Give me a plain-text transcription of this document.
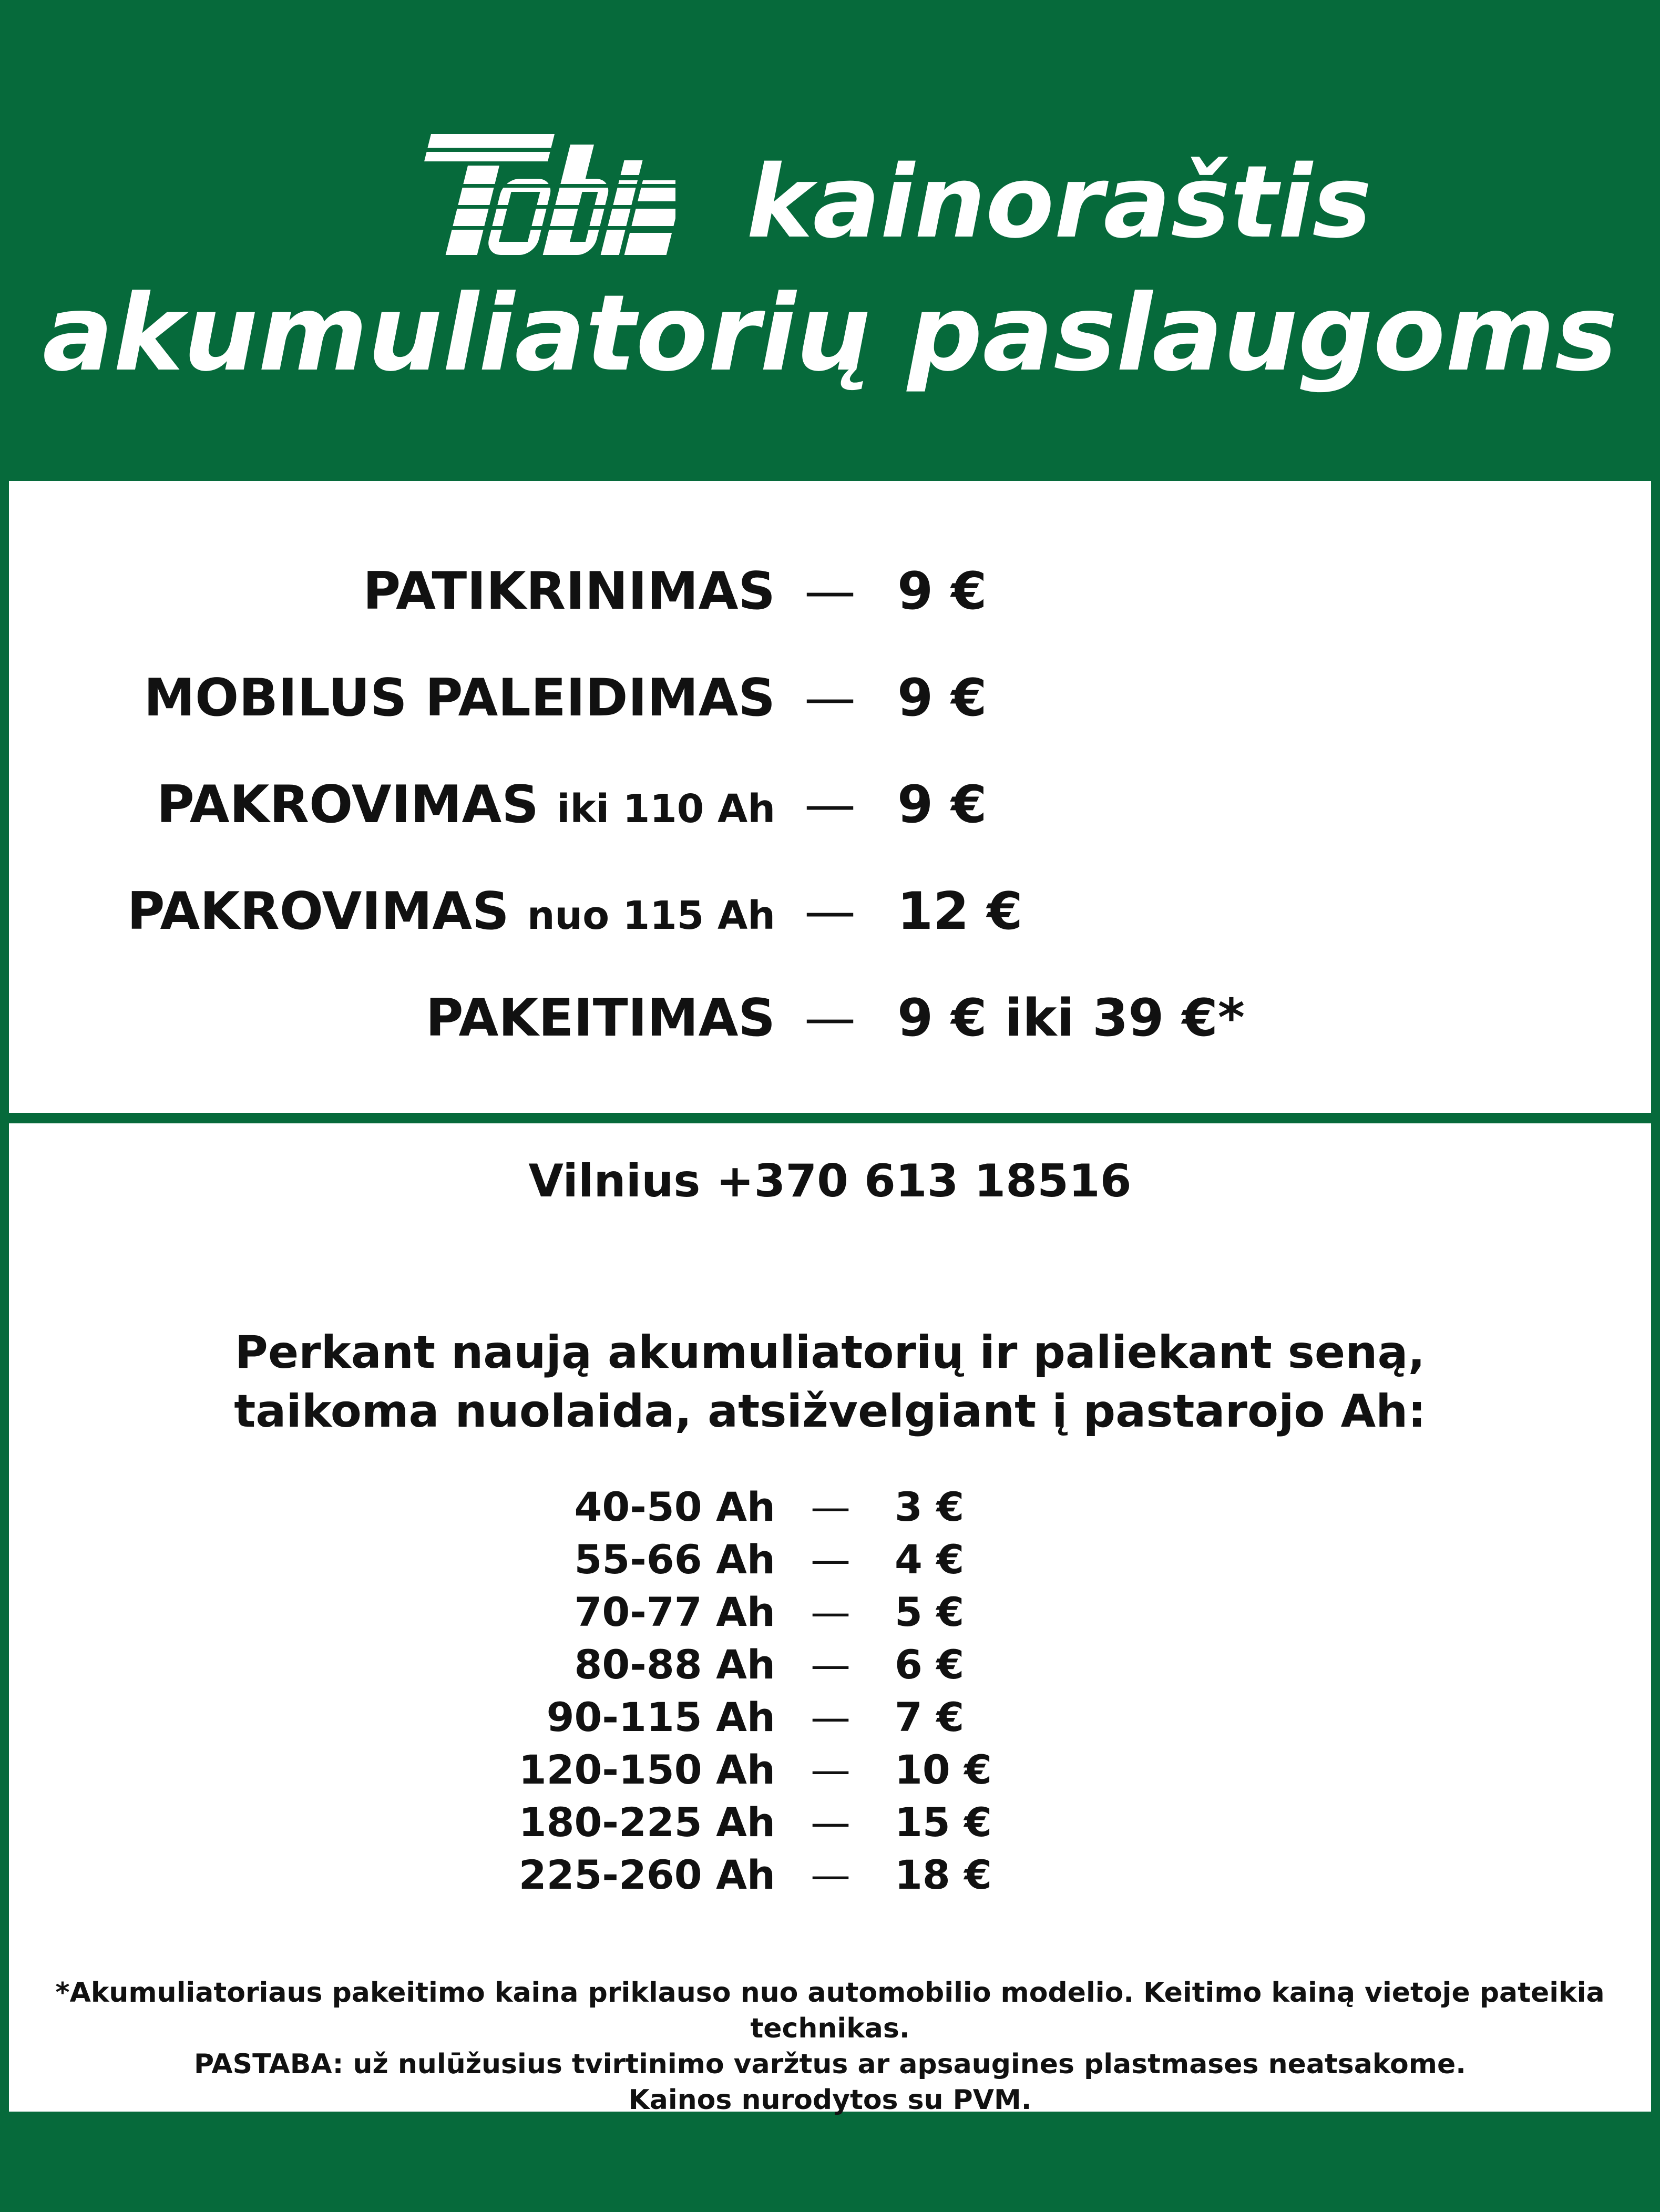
kainoraštis
akumuliatorių paslaugoms
PATIKRINIMAS — 9 €
MOBILUS PALEIDIMAS — 9 €
PAKROVIMAS iki 110 Ah — 9 €
PAKROVIMAS nuo 115 Ah — 12 €
PAKEITIMAS — 9 € iki 39 €*
Vilnius +370 613 18516
Perkant naują akumuliatorių ir paliekant seną,
taikoma nuolaida, atsižvelgiant į pastarojo Ah:
40-50 Ah — 3 €
55-66 Ah — 4 €
70-77 Ah — 5 €
80-88 Ah — 6 €
90-115 Ah — 7 €
120-150 Ah — 10 €
180-225 Ah — 15 €
225-260 Ah — 18 €
*Akumuliatoriaus pakeitimo kaina priklauso nuo automobilio modelio. Keitimo kainą vietoje pateikia technikas.
PASTABA: už nulūžusius tvirtinimo varžtus ar apsaugines plastmases neatsakome.
Kainos nurodytos su PVM.
